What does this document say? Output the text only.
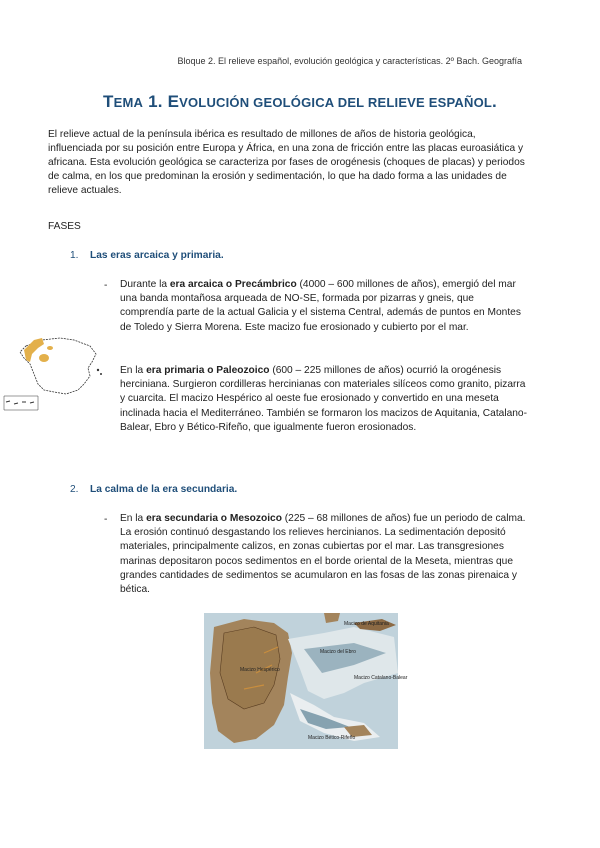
Bloque 2. El relieve español, evolución geológica y características. 2º Bach. Geografía
TEMA 1. EVOLUCIÓN GEOLÓGICA DEL RELIEVE ESPAÑOL.
El relieve actual de la península ibérica es resultado de millones de años de historia geológica, influenciada por su posición entre Europa y África, en una zona de fricción entre las placas euroasiática y africana. Esta evolución geológica se caracteriza por fases de orogénesis (choques de placas) y periodos de calma, en los que predominan la erosión y sedimentación, lo que ha dado forma a las unidades de relieve actuales.
FASES
1. Las eras arcaica y primaria.
- Durante la era arcaica o Precámbrico (4000 – 600 millones de años), emergió del mar una banda montañosa arqueada de NO-SE, formada por pizarras y gneis, que comprendía parte de la actual Galicia y el sistema Central, además de puntos en Montes de Toledo y Sierra Morena. Este macizo fue erosionado y cubierto por el mar.
En la era primaria o Paleozoico (600 – 225 millones de años) ocurrió la orogénesis herciniana. Surgieron cordilleras hercinianas con materiales silíceos como granito, pizarra y cuarcita. El macizo Hespérico al oeste fue erosionado y convertido en una meseta inclinada hacia el Mediterráneo. También se formaron los macizos de Aquitania, Catalano-Balear, Ebro y Bético-Rifeño, que igualmente fueron erosionados.
2. La calma de la era secundaria.
- En la era secundaria o Mesozoico (225 – 68 millones de años) fue un periodo de calma. La erosión continuó desgastando los relieves hercinianos. La sedimentación depositó materiales, principalmente calizos, en zonas cubiertas por el mar. Las transgresiones marinas depositaron pocos sedimentos en el borde oriental de la Meseta, mientras que grandes cantidades de sedimentos se acumularon en las fosas de las zonas pirenaica y bética.
Macizo de Aquitania
Macizo Hespérico
Macizo del Ebro
Macizo Catalano-Balear
Macizo Bético-Rifeño
